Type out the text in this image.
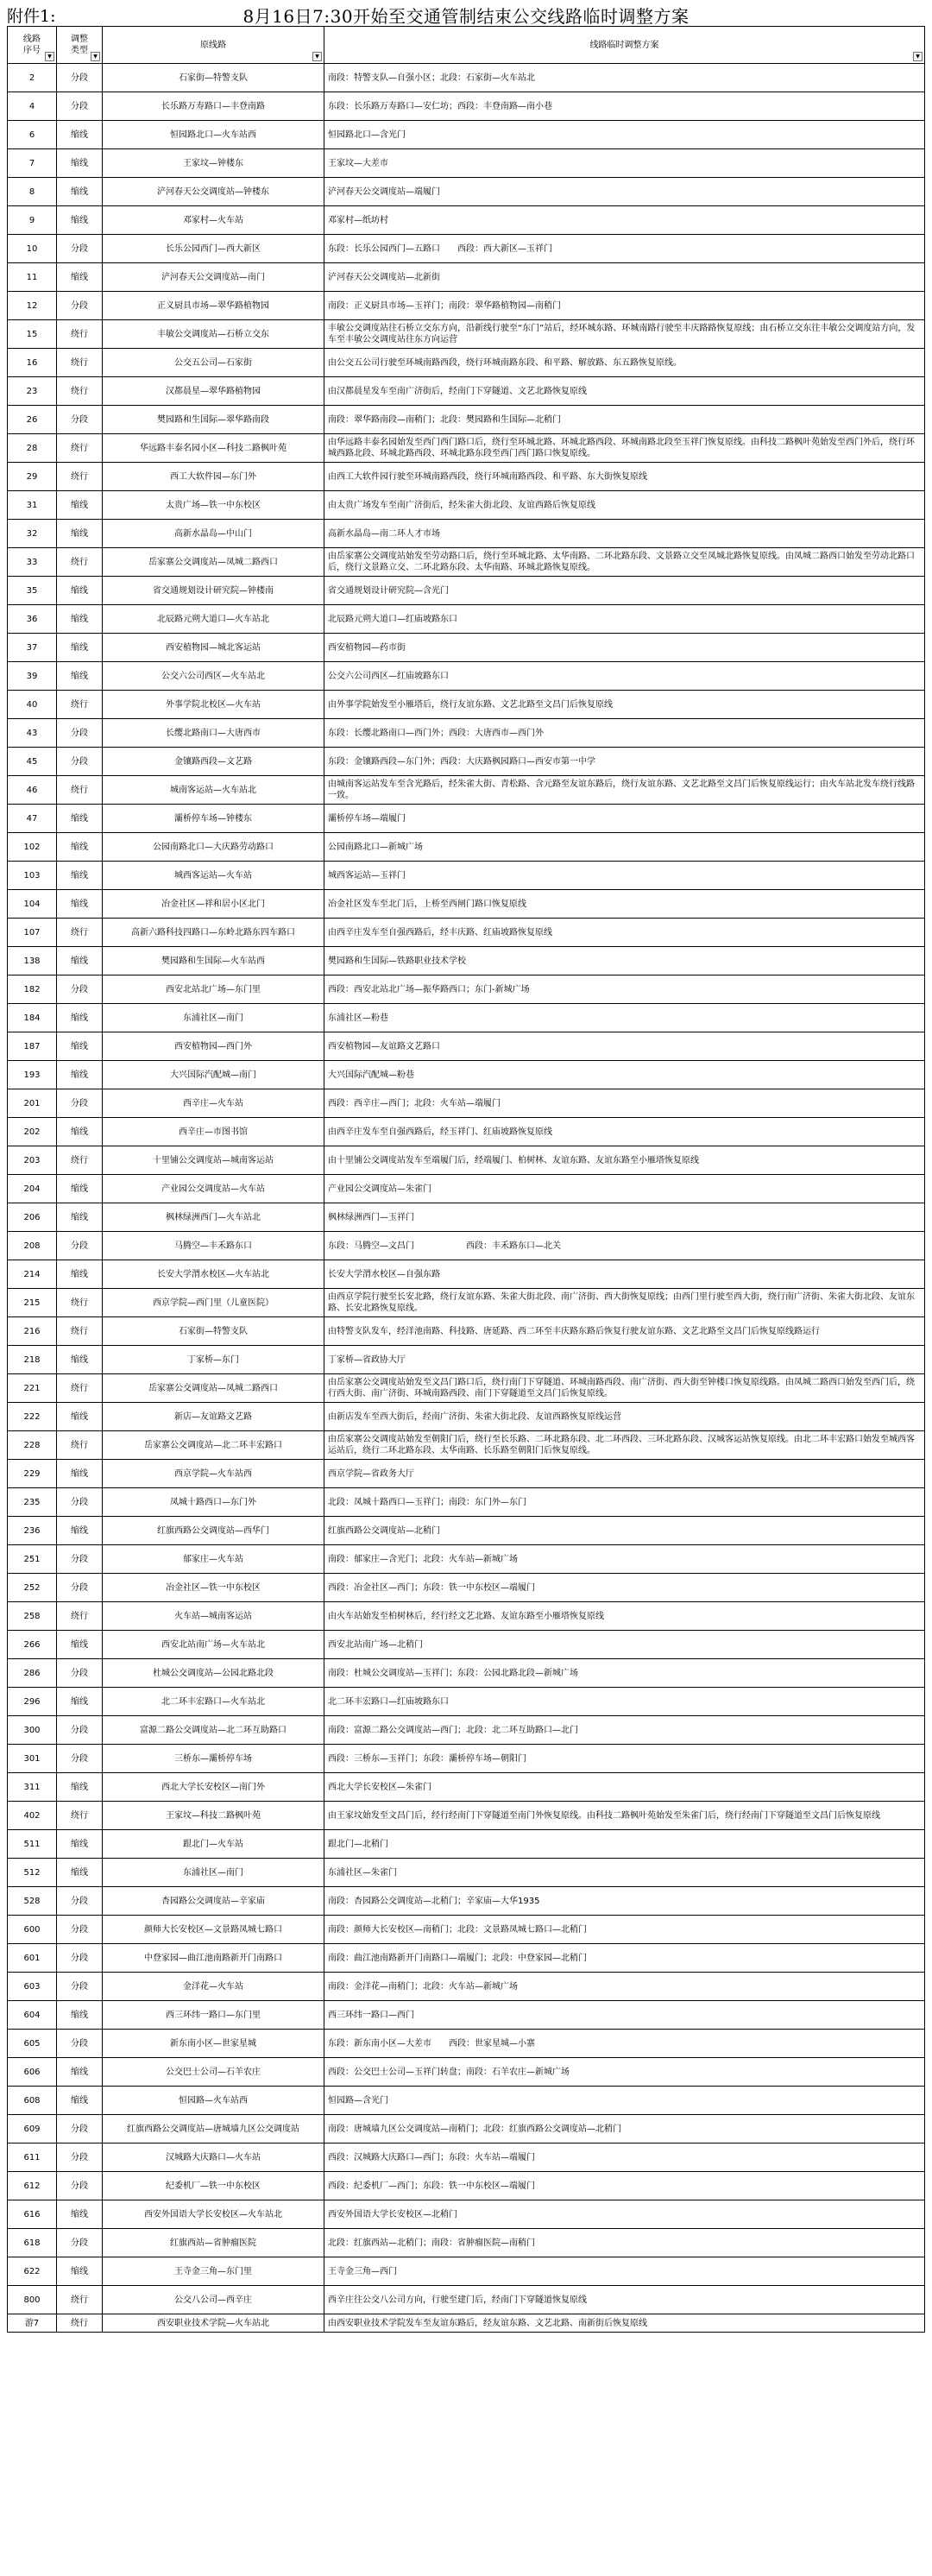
附件1:	8月16日7:30开始至交通管制结束公交线路临时调整方案
线路
序号
▼	调整
类型
▼	原线路
▼	线路临时调整方案
▼

2	分段	石家街—特警支队	南段：特警支队—自强小区；北段：石家街—火车站北
4	分段	长乐路万寿路口—丰登南路	东段：长乐路万寿路口—安仁坊；西段：丰登南路—南小巷
6	缩线	恒园路北口—火车站西	恒园路北口—含光门
7	缩线	王家坟—钟楼东	王家坟—大差市
8	缩线	浐河春天公交调度站—钟楼东	浐河春天公交调度站—端履门
9	缩线	邓家村—火车站	邓家村—纸坊村
10	分段	长乐公园西门—西大新区	东段：长乐公园西门—五路口　　西段：西大新区—玉祥门
11	缩线	浐河春天公交调度站—南门	浐河春天公交调度站—北新街
12	分段	正义厨具市场—翠华路植物园	南段：正义厨具市场—玉祥门；南段：翠华路植物园—南稍门
15	绕行	丰敏公交调度站—石桥立交东	丰敏公交调度站往石桥立交东方向，沿新线行驶至“东门”站后，经环城东路、环城南路行驶至丰庆路路恢复原线；由石桥立交东往丰敏公交调度站方向，发车至丰敏公交调度站往东方向运营
16	绕行	公交五公司—石家街	由公交五公司行驶至环城南路西段，绕行环城南路东段、和平路、解放路、东五路恢复原线。
23	绕行	汉都晨星—翠华路植物园	由汉都晨星发车至南广济街后，经南门下穿隧道、文艺北路恢复原线
26	分段	樊园路和生国际—翠华路南段	南段：翠华路南段—南稍门；北段：樊园路和生国际—北稍门
28	绕行	华远路丰泰名园小区—科技二路枫叶苑	由华远路丰泰名园始发至西门西门路口后，绕行至环城北路、环城北路西段、环城南路北段至玉祥门恢复原线。由科技二路枫叶苑始发至西门外后，绕行环城西路北段、环城北路西段、环城北路东段至西门西门路口恢复原线。
29	绕行	西工大软件园—东门外	由西工大软件园行驶至环城南路西段，绕行环城南路西段、和平路、东大街恢复原线
31	缩线	太贵广场—铁一中东校区	由太贵广场发车至南广济街后，经朱雀大街北段、友谊西路后恢复原线
32	缩线	高新水晶岛—中山门	高新水晶岛—南二环人才市场
33	绕行	岳家寨公交调度站—凤城二路西口	由岳家寨公交调度站始发至劳动路口后，绕行至环城北路、太华南路、二环北路东段、文景路立交至凤城北路恢复原线。由凤城二路西口始发至劳动北路口后，绕行文景路立交、二环北路东段、太华南路、环城北路恢复原线。
35	缩线	省交通规划设计研究院—钟楼南	省交通规划设计研究院—含光门
36	缩线	北辰路元朔大道口—火车站北	北辰路元朔大道口—红庙坡路东口
37	缩线	西安植物园—城北客运站	西安植物园—药市街
39	缩线	公交六公司西区—火车站北	公交六公司西区—红庙坡路东口
40	绕行	外事学院北校区—火车站	由外事学院始发至小雁塔后，绕行友谊东路、文艺北路至文昌门后恢复原线
43	分段	长缨北路南口—大唐西市	东段：长缨北路南口—西门外；西段：大唐西市—西门外
45	分段	金镶路西段—文艺路	东段：金镶路西段—东门外；西段：大庆路枫园路口—西安市第一中学
46	绕行	城南客运站—火车站北	由城南客运站发车至含光路后，经朱雀大街、青松路、含元路至友谊东路后，绕行友谊东路、文艺北路至文昌门后恢复原线运行；由火车站北发车绕行线路一致。
47	缩线	灞桥停车场—钟楼东	灞桥停车场—端履门
102	缩线	公园南路北口—大庆路劳动路口	公园南路北口—新城广场
103	缩线	城西客运站—火车站	城西客运站—玉祥门
104	缩线	冶金社区—祥和居小区北门	冶金社区发车至北门后，上桥至西闸门路口恢复原线
107	绕行	高新六路科技四路口—东岭北路东四车路口	由西辛庄发车至自强西路后，经丰庆路、红庙坡路恢复原线
138	缩线	樊园路和生国际—火车站西	樊园路和生国际—铁路职业技术学校
182	分段	西安北站北广场—东门里	西段：西安北站北广场—振华路西口；东门-新城广场
184	缩线	东浦社区—南门	东浦社区—粉巷
187	缩线	西安植物园—西门外	西安植物园—友谊路文艺路口
193	缩线	大兴国际汽配城—南门	大兴国际汽配城—粉巷
201	分段	西辛庄—火车站	西段：西辛庄—西门；北段：火车站—端履门
202	缩线	西辛庄—市图书馆	由西辛庄发车至自强西路后，经玉祥门、红庙坡路恢复原线
203	绕行	十里铺公交调度站—城南客运站	由十里铺公交调度站发车至端履门后，经端履门、柏树林、友谊东路、友谊东路至小雁塔恢复原线
204	缩线	产业园公交调度站—火车站	产业园公交调度站—朱雀门
206	缩线	枫林绿洲西门—火车站北	枫林绿洲西门—玉祥门
208	分段	马腾空—丰禾路东口	东段：马腾空—文昌门　　　　　　西段：丰禾路东口—北关
214	缩线	长安大学渭水校区—火车站北	长安大学渭水校区—自强东路
215	绕行	西京学院—西门里（儿童医院）	由西京学院行驶至长安北路，绕行友谊东路、朱雀大街北段、南广济街、西大街恢复原线；由西门里行驶至西大街，绕行南广济街、朱雀大街北段、友谊东路、长安北路恢复原线。
216	绕行	石家街—特警支队	由特警支队发车，经洋池南路、科技路、唐延路、西二环至丰庆路东路后恢复行驶友谊东路、文艺北路至文昌门后恢复原线路运行
218	缩线	丁家桥—东门	丁家桥—省政协大厅
221	绕行	岳家寨公交调度站—凤城二路西口	由岳家寨公交调度站始发至文昌门路口后，绕行南门下穿隧道、环城南路西段、南广济街、西大街至钟楼口恢复原线路。由凤城二路西口始发至西门后，绕行西大街、南广济街、环城南路西段、南门下穿隧道至文昌门后恢复原线。
222	缩线	新店—友谊路文艺路	由新店发车至西大街后，经南广济街、朱雀大街北段、友谊西路恢复原线运营
228	绕行	岳家寨公交调度站—北二环丰宏路口	由岳家寨公交调度站始发至朝阳门后，绕行至长乐路、二环北路东段、北二环西段、三环北路东段、汉城客运站恢复原线。由北二环丰宏路口始发至城西客运站后，绕行二环北路东段、太华南路、长乐路至朝阳门后恢复原线。
229	缩线	西京学院—火车站西	西京学院—省政务大厅
235	分段	凤城十路西口—东门外	北段：凤城十路西口—玉祥门；南段：东门外—东门
236	缩线	红旗西路公交调度站—西华门	红旗西路公交调度站—北稍门
251	分段	郁家庄—火车站	南段：郁家庄—含光门；北段：火车站—新城广场
252	分段	冶金社区—铁一中东校区	西段：冶金社区—西门；东段：铁一中东校区—端履门
258	绕行	火车站—城南客运站	由火车站始发至柏树林后，经行经文艺北路、友谊东路至小雁塔恢复原线
266	缩线	西安北站南广场—火车站北	西安北站南广场—北稍门
286	分段	杜城公交调度站—公园北路北段	南段：杜城公交调度站—玉祥门；东段：公园北路北段—新城广场
296	缩线	北二环丰宏路口—火车站北	北二环丰宏路口—红庙坡路东口
300	分段	富源二路公交调度站—北二环互助路口	南段：富源二路公交调度站—西门；北段：北二环互助路口—北门
301	分段	三桥东—灞桥停车场	西段：三桥东—玉祥门；东段：灞桥停车场—朝阳门
311	缩线	西北大学长安校区—南门外	西北大学长安校区—朱雀门
402	绕行	王家坟—科技二路枫叶苑	由王家坟始发至文昌门后，经行经南门下穿隧道至南门外恢复原线。由科技二路枫叶苑始发至朱雀门后，绕行经南门下穿隧道至文昌门后恢复原线
511	缩线	跟北门—火车站	跟北门—北稍门
512	缩线	东浦社区—南门	东浦社区—朱雀门
528	分段	杏园路公交调度站—辛家庙	南段：杏园路公交调度站—北稍门；辛家庙—大华1935
600	分段	颜师大长安校区—文景路凤城七路口	南段：颜师大长安校区—南稍门；北段：文景路凤城七路口—北稍门
601	分段	中登家园—曲江池南路新开门南路口	南段：曲江池南路新开门南路口—端履门；北段：中登家园—北稍门
603	分段	金洋花—火车站	南段：金洋花—南稍门；北段：火车站—新城广场
604	缩线	西三环纬一路口—东门里	西三环纬一路口—西门
605	分段	新东南小区—世家星城	东段：新东南小区—大差市　　西段：世家星城—小寨
606	缩线	公交巴士公司—石羊农庄	西段：公交巴士公司—玉祥门转盘；南段：石羊农庄—新城广场
608	缩线	恒园路—火车站西	恒园路—含光门
609	分段	红旗西路公交调度站—唐城墙九区公交调度站	南段：唐城墙九区公交调度站—南稍门；北段：红旗西路公交调度站—北稍门
611	分段	汉城路大庆路口—火车站	西段：汉城路大庆路口—西门；东段：火车站—端履门
612	分段	纪委机厂—铁一中东校区	西段：纪委机厂—西门；东段：铁一中东校区—端履门
616	缩线	西安外国语大学长安校区—火车站北	西安外国语大学长安校区—北稍门
618	分段	红旗西站—省肿瘤医院	北段：红旗西站—北稍门；南段：省肿瘤医院—南稍门
622	缩线	王寺金三角—东门里	王寺金三角—西门
800	绕行	公交八公司—西辛庄	西辛庄往公交八公司方向，行驶至建门后，经南门下穿隧道恢复原线
游7	绕行	西安职业技术学院—火车站北	由西安职业技术学院发车至友谊东路后，经友谊东路、文艺北路、南新街后恢复原线
